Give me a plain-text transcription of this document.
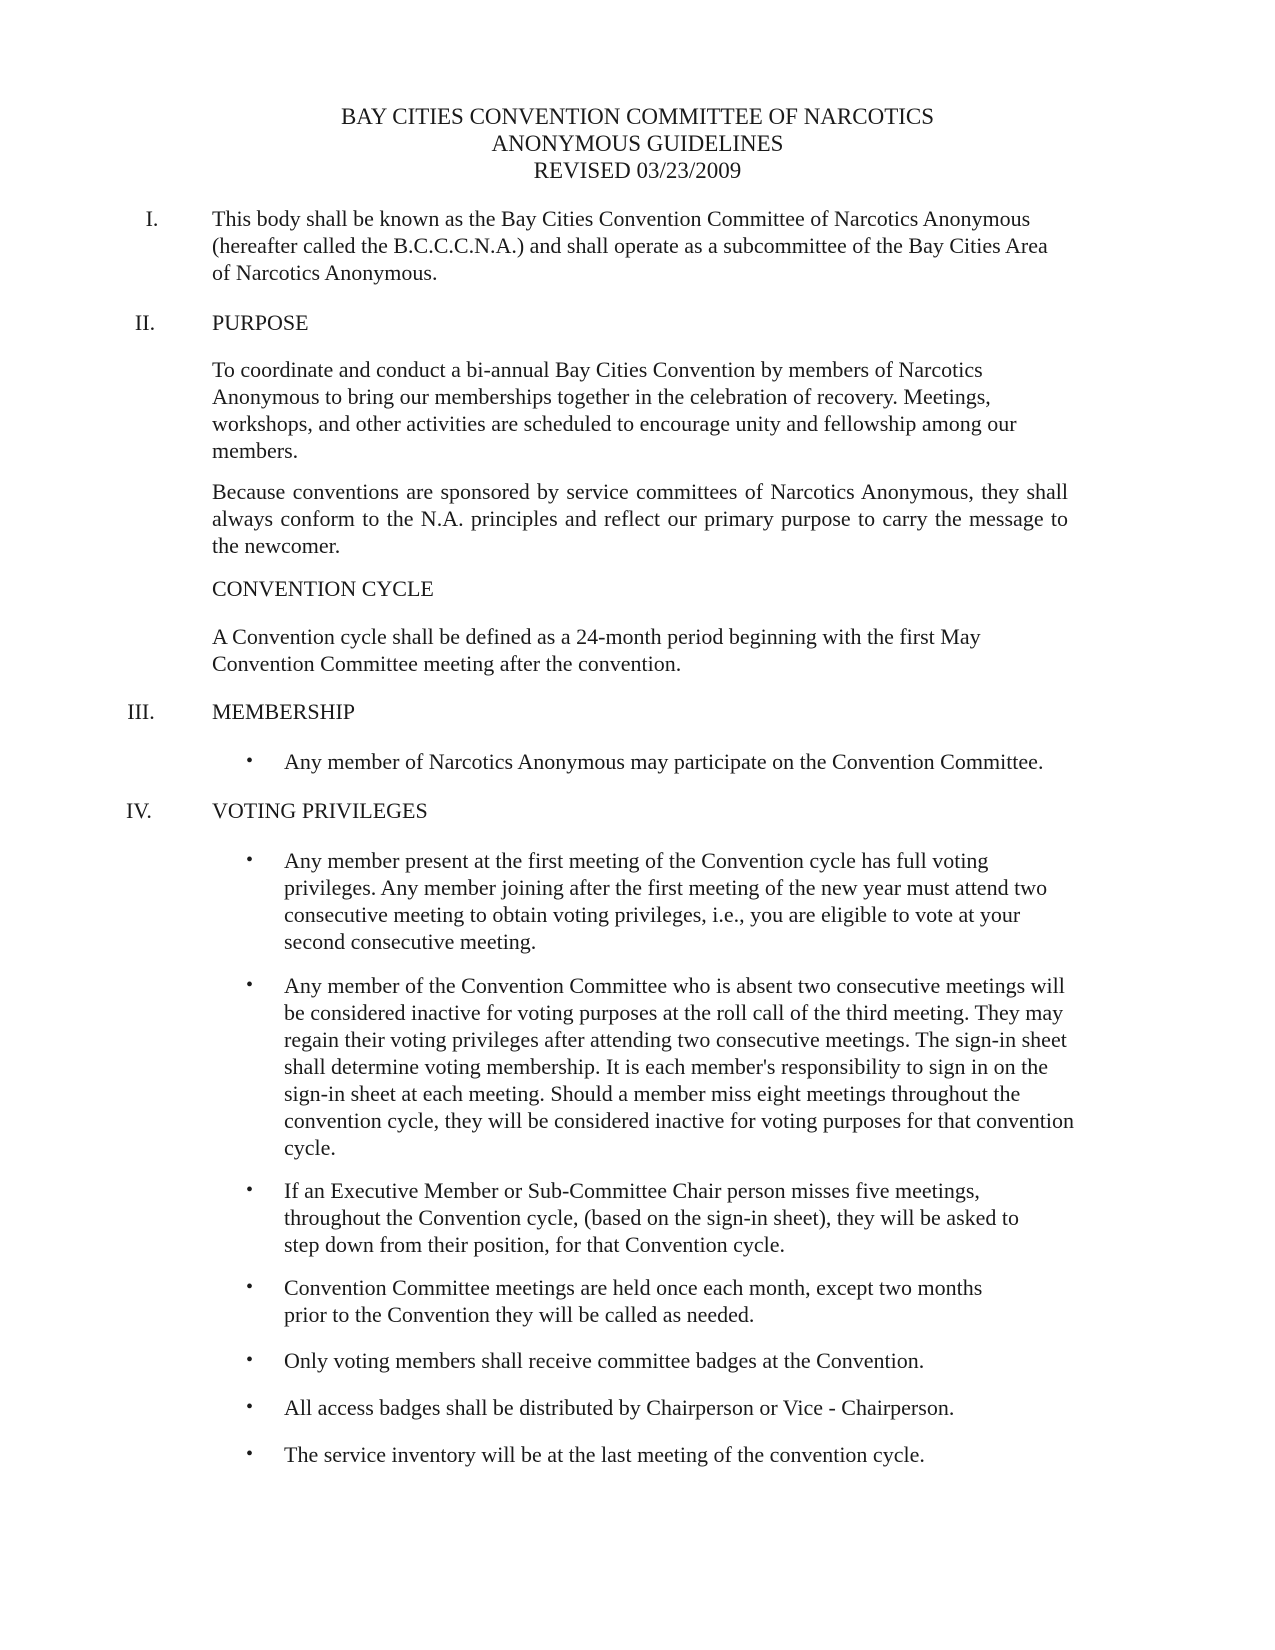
BAY CITIES CONVENTION COMMITTEE OF NARCOTICS
ANONYMOUS GUIDELINES
REVISED 03/23/2009
I.	This body shall be known as the Bay Cities Convention Committee of Narcotics Anonymous (hereafter called the B.C.C.C.N.A.) and shall operate as a subcommittee of the Bay Cities Area of Narcotics Anonymous.
II.	PURPOSE
To coordinate and conduct a bi-annual Bay Cities Convention by members of Narcotics Anonymous to bring our memberships together in the celebration of recovery. Meetings, workshops, and other activities are scheduled to encourage unity and fellowship among our members.
Because conventions are sponsored by service committees of Narcotics Anonymous, they shall always conform to the N.A. principles and reflect our primary purpose to carry the message to the newcomer.
CONVENTION CYCLE
A Convention cycle shall be defined as a 24-month period beginning with the first May Convention Committee meeting after the convention.
III.	MEMBERSHIP
• Any member of Narcotics Anonymous may participate on the Convention Committee.
IV.	VOTING PRIVILEGES
• Any member present at the first meeting of the Convention cycle has full voting privileges. Any member joining after the first meeting of the new year must attend two consecutive meeting to obtain voting privileges, i.e., you are eligible to vote at your second consecutive meeting.
• Any member of the Convention Committee who is absent two consecutive meetings will be considered inactive for voting purposes at the roll call of the third meeting. They may regain their voting privileges after attending two consecutive meetings. The sign-in sheet shall determine voting membership. It is each member's responsibility to sign in on the sign-in sheet at each meeting. Should a member miss eight meetings throughout the convention cycle, they will be considered inactive for voting purposes for that convention cycle.
• If an Executive Member or Sub-Committee Chair person misses five meetings, throughout the Convention cycle, (based on the sign-in sheet), they will be asked to step down from their position, for that Convention cycle.
• Convention Committee meetings are held once each month, except two months prior to the Convention they will be called as needed.
• Only voting members shall receive committee badges at the Convention.
• All access badges shall be distributed by Chairperson or Vice - Chairperson.
• The service inventory will be at the last meeting of the convention cycle.
